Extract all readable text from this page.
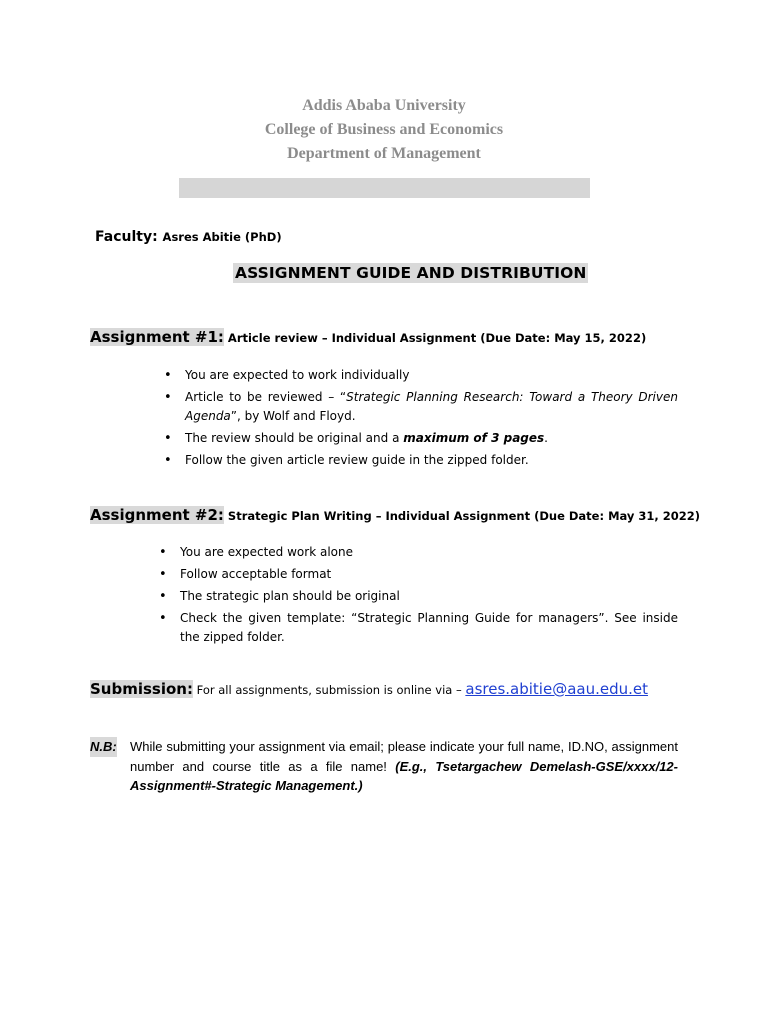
Addis Ababa University
College of Business and Economics
Department of Management
Faculty: Asres Abitie (PhD)
ASSIGNMENT GUIDE AND DISTRIBUTION
Assignment #1: Article review – Individual Assignment (Due Date: May 15, 2022)
• You are expected to work individually
• Article to be reviewed – “Strategic Planning Research: Toward a Theory Driven Agenda”, by Wolf and Floyd.
• The review should be original and a maximum of 3 pages.
• Follow the given article review guide in the zipped folder.
Assignment #2: Strategic Plan Writing – Individual Assignment (Due Date: May 31, 2022)
• You are expected work alone
• Follow acceptable format
• The strategic plan should be original
• Check the given template: “Strategic Planning Guide for managers”. See inside the zipped folder.
Submission: For all assignments, submission is online via – asres.abitie@aau.edu.et
N.B: While submitting your assignment via email; please indicate your full name, ID.NO, assignment number and course title as a file name! (E.g., Tsetargachew Demelash-GSE/xxxx/12-Assignment#-Strategic Management.)
